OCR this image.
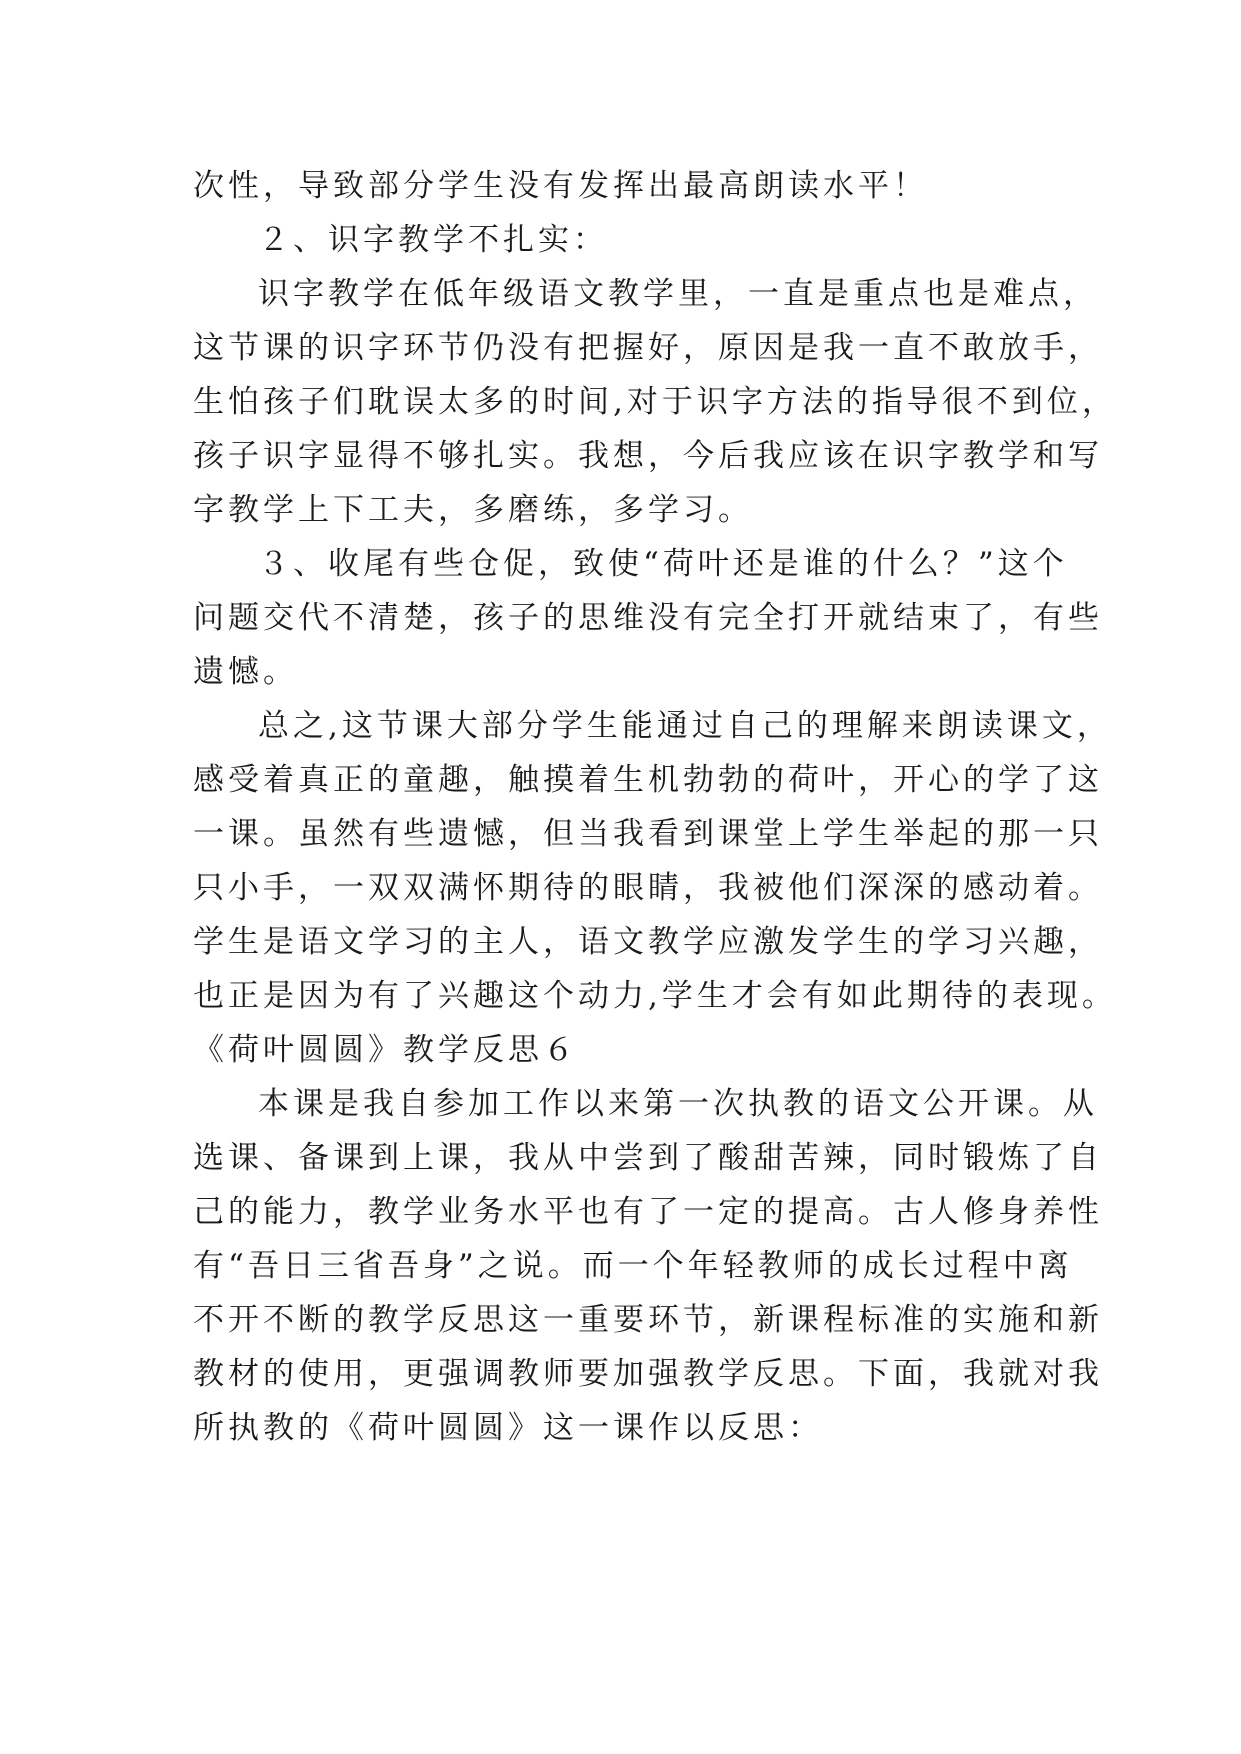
次性，导致部分学生没有发挥出最高朗读水平！
２、识字教学不扎实：
识字教学在低年级语文教学里，一直是重点也是难点，
这节课的识字环节仍没有把握好，原因是我一直不敢放手，
生怕孩子们耽误太多的时间,对于识字方法的指导很不到位，
孩子识字显得不够扎实。我想，今后我应该在识字教学和写
字教学上下工夫，多磨练，多学习。
３、收尾有些仓促，致使“荷叶还是谁的什么？”这个
问题交代不清楚，孩子的思维没有完全打开就结束了，有些
遗憾。
总之,这节课大部分学生能通过自己的理解来朗读课文，
感受着真正的童趣，触摸着生机勃勃的荷叶，开心的学了这
一课。虽然有些遗憾，但当我看到课堂上学生举起的那一只
只小手，一双双满怀期待的眼睛，我被他们深深的感动着。
学生是语文学习的主人，语文教学应激发学生的学习兴趣，
也正是因为有了兴趣这个动力,学生才会有如此期待的表现。
《荷叶圆圆》教学反思６
本课是我自参加工作以来第一次执教的语文公开课。从
选课、备课到上课，我从中尝到了酸甜苦辣，同时锻炼了自
己的能力，教学业务水平也有了一定的提高。古人修身养性
有“吾日三省吾身”之说。而一个年轻教师的成长过程中离
不开不断的教学反思这一重要环节，新课程标准的实施和新
教材的使用，更强调教师要加强教学反思。下面，我就对我
所执教的《荷叶圆圆》这一课作以反思：
